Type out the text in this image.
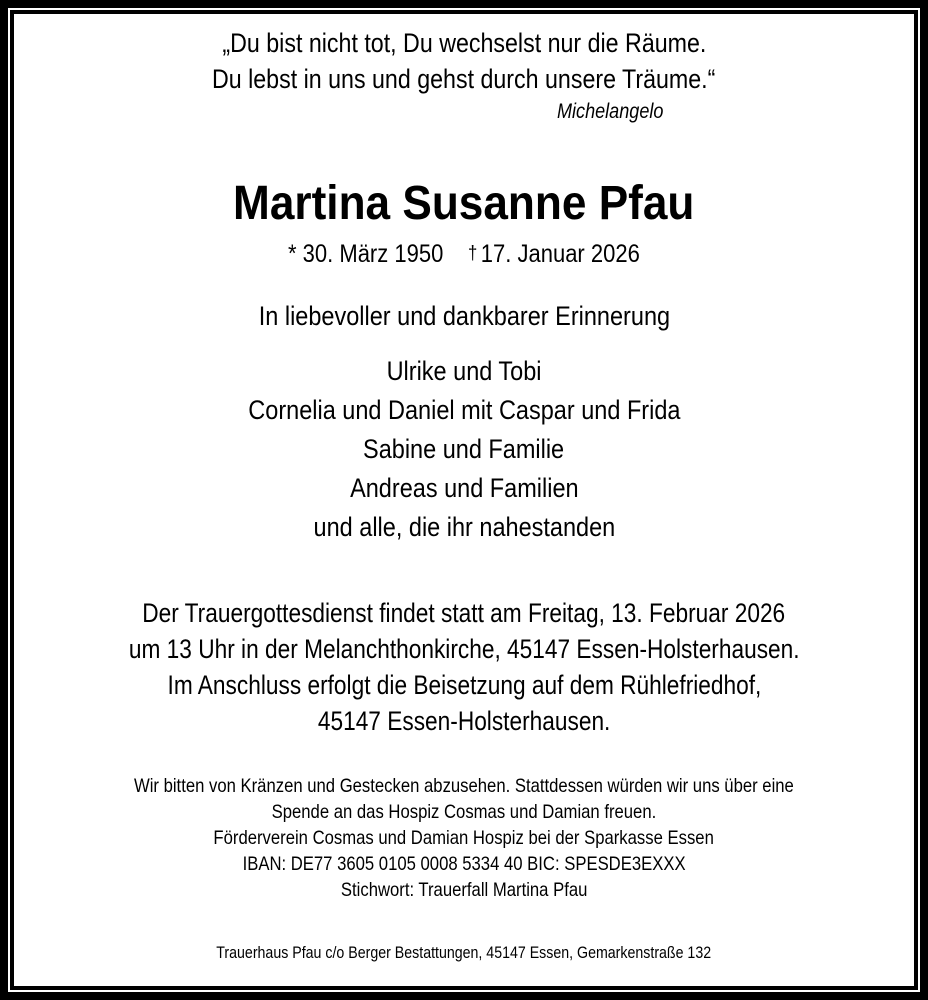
„Du bist nicht tot, Du wechselst nur die Räume.
Du lebst in uns und gehst durch unsere Träume.“
Michelangelo
Martina Susanne Pfau
* 30. März 1950 † 17. Januar 2026
In liebevoller und dankbarer Erinnerung
Ulrike und Tobi
Cornelia und Daniel mit Caspar und Frida
Sabine und Familie
Andreas und Familien
und alle, die ihr nahestanden
Der Trauergottesdienst findet statt am Freitag, 13. Februar 2026
um 13 Uhr in der Melanchthonkirche, 45147 Essen-Holsterhausen.
Im Anschluss erfolgt die Beisetzung auf dem Rühlefriedhof,
45147 Essen-Holsterhausen.
Wir bitten von Kränzen und Gestecken abzusehen. Stattdessen würden wir uns über eine
Spende an das Hospiz Cosmas und Damian freuen.
Förderverein Cosmas und Damian Hospiz bei der Sparkasse Essen
IBAN: DE77 3605 0105 0008 5334 40 BIC: SPESDE3EXXX
Stichwort: Trauerfall Martina Pfau
Trauerhaus Pfau c/o Berger Bestattungen, 45147 Essen, Gemarkenstraße 132
